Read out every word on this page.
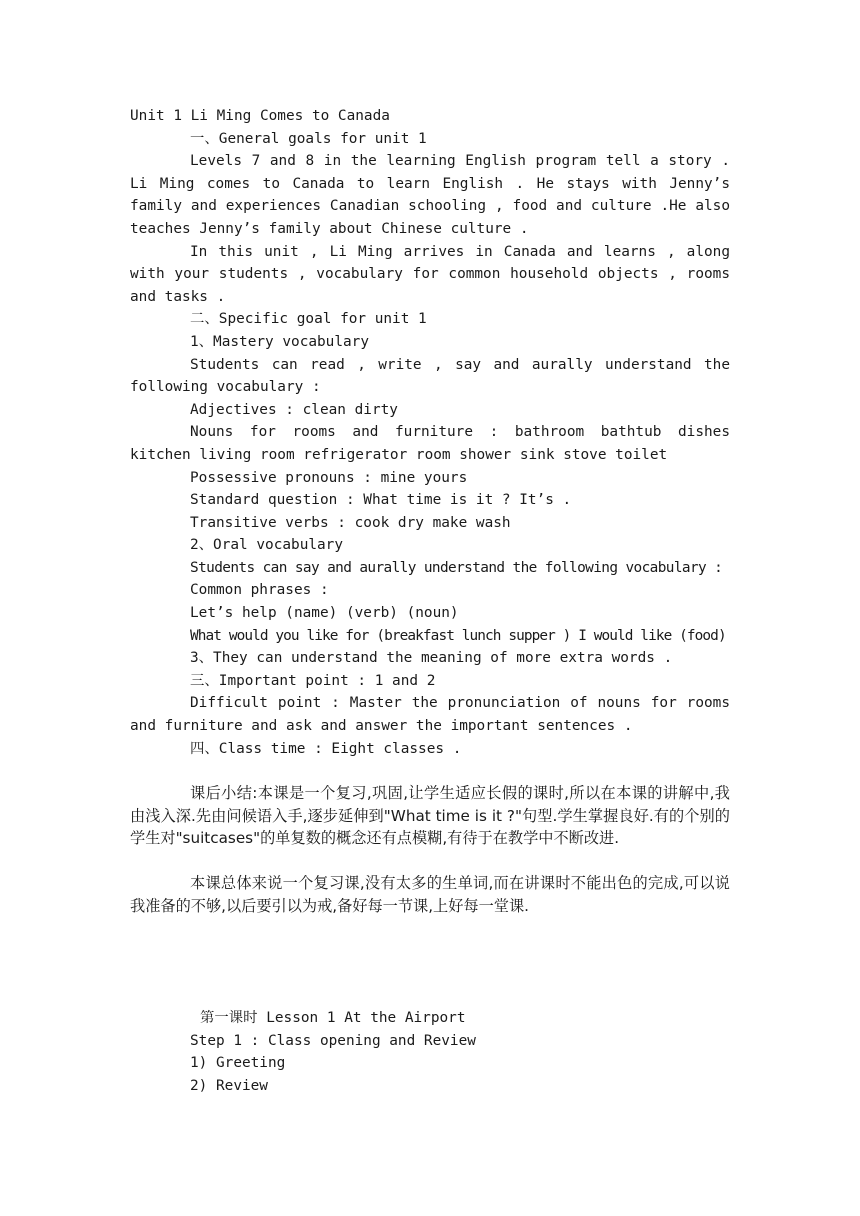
Unit 1 Li Ming Comes to Canada
一、General goals for unit 1

Levels 7 and 8 in the learning English program tell a story . Li Ming comes to Canada to learn English . He stays with Jenny’s family and experiences Canadian schooling , food and culture .He also teaches Jenny’s family about Chinese culture .

In this unit , Li Ming arrives in Canada and learns , along with your students , vocabulary for common household objects , rooms and tasks .

二、Specific goal for unit 1
1、Mastery vocabulary

Students can read , write , say and aurally understand the following vocabulary :

Adjectives : clean dirty

Nouns for rooms and furniture : bathroom bathtub dishes kitchen living room refrigerator room shower sink stove toilet

Possessive pronouns : mine yours
Standard question : What time is it ? It’s .
Transitive verbs : cook dry make wash
2、Oral vocabulary

Students can say and aurally understand the following vocabulary :

Common phrases :
Let’s help (name) (verb) (noun)

What would you like for (breakfast lunch supper ) I would like (food)

3、They can understand the meaning of more extra words .
三、Important point : 1 and 2

Difficult point : Master the pronunciation of nouns for rooms and furniture and ask and answer the important sentences .

四、Class time : Eight classes .

课后小结:本课是一个复习,巩固,让学生适应长假的课时,所以在本课的讲解中,我由浅入深.先由问候语入手,逐步延伸到"What time is it ?"句型.学生掌握良好.有的个别的学生对"suitcases"的单复数的概念还有点模糊,有待于在教学中不断改进.

本课总体来说一个复习课,没有太多的生单词,而在讲课时不能出色的完成,可以说我准备的不够,以后要引以为戒,备好每一节课,上好每一堂课.

第一课时 Lesson 1 At the Airport
Step 1 : Class opening and Review
1) Greeting
2) Review
